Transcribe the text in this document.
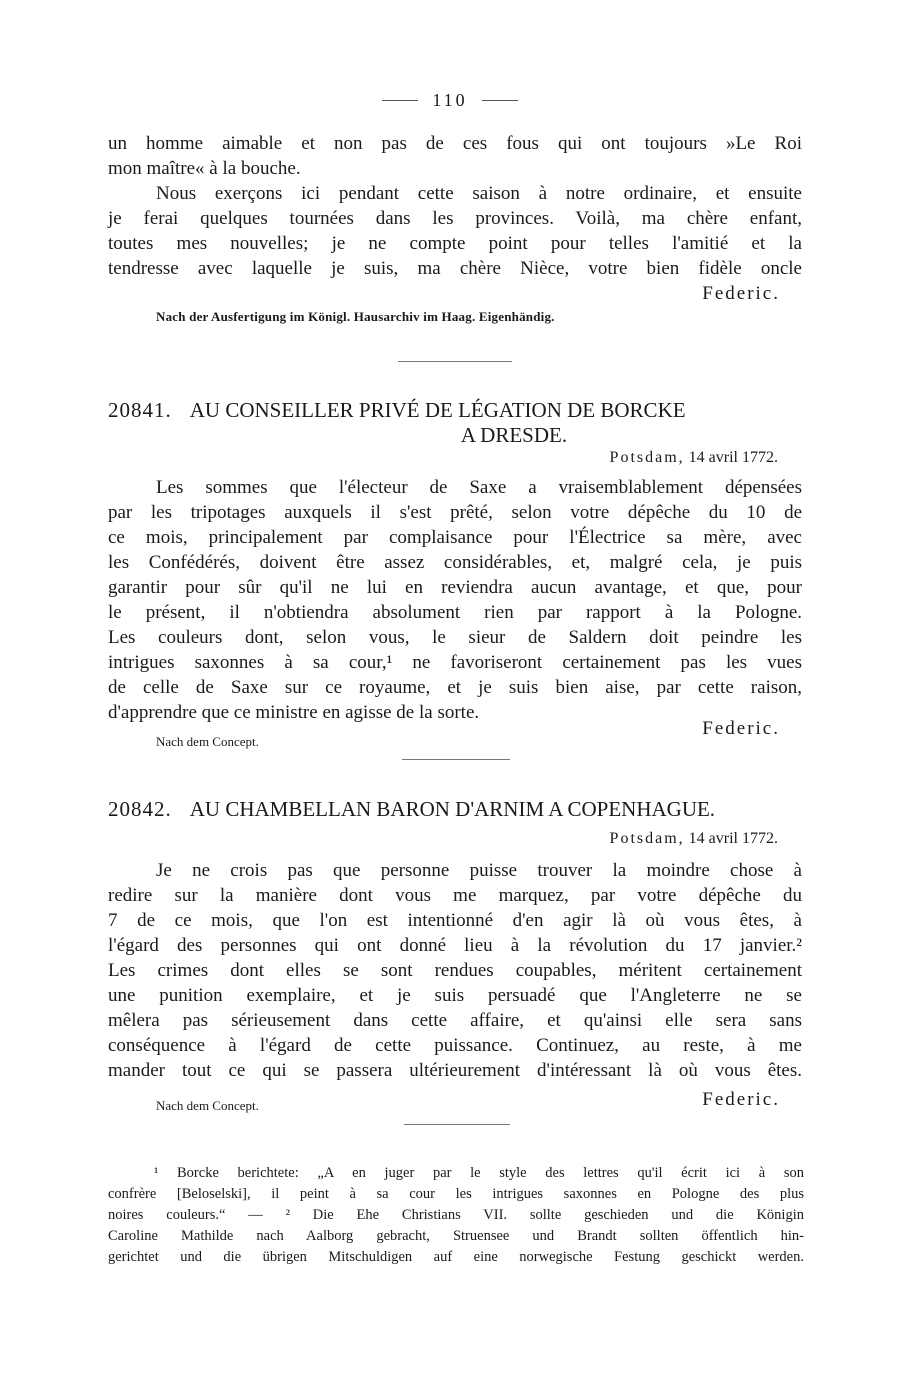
110
un homme aimable et non pas de ces fous qui ont toujours »Le Roi
mon maître« à la bouche.
Nous exerçons ici pendant cette saison à notre ordinaire, et ensuite
je ferai quelques tournées dans les provinces. Voilà, ma chère enfant,
toutes mes nouvelles; je ne compte point pour telles l'amitié et la
tendresse avec laquelle je suis, ma chère Nièce, votre bien fidèle oncle
Federic.
Nach der Ausfertigung im Königl. Hausarchiv im Haag. Eigenhändig.
20841. AU CONSEILLER PRIVÉ DE LÉGATION DE BORCKE
A DRESDE.
Potsdam, 14 avril 1772.
Les sommes que l'électeur de Saxe a vraisemblablement dépensées
par les tripotages auxquels il s'est prêté, selon votre dépêche du 10 de
ce mois, principalement par complaisance pour l'Électrice sa mère, avec
les Confédérés, doivent être assez considérables, et, malgré cela, je puis
garantir pour sûr qu'il ne lui en reviendra aucun avantage, et que, pour
le présent, il n'obtiendra absolument rien par rapport à la Pologne.
Les couleurs dont, selon vous, le sieur de Saldern doit peindre les
intrigues saxonnes à sa cour,¹ ne favoriseront certainement pas les vues
de celle de Saxe sur ce royaume, et je suis bien aise, par cette raison,
d'apprendre que ce ministre en agisse de la sorte.
Federic.
Nach dem Concept.
20842. AU CHAMBELLAN BARON D'ARNIM A COPENHAGUE.
Potsdam, 14 avril 1772.
Je ne crois pas que personne puisse trouver la moindre chose à
redire sur la manière dont vous me marquez, par votre dépêche du
7 de ce mois, que l'on est intentionné d'en agir là où vous êtes, à
l'égard des personnes qui ont donné lieu à la révolution du 17 janvier.²
Les crimes dont elles se sont rendues coupables, méritent certainement
une punition exemplaire, et je suis persuadé que l'Angleterre ne se
mêlera pas sérieusement dans cette affaire, et qu'ainsi elle sera sans
conséquence à l'égard de cette puissance. Continuez, au reste, à me
mander tout ce qui se passera ultérieurement d'intéressant là où vous êtes.
Nach dem Concept.	Federic.
¹ Borcke berichtete: „A en juger par le style des lettres qu'il écrit ici à son
confrère [Beloselski], il peint à sa cour les intrigues saxonnes en Pologne des plus
noires couleurs.“ — ² Die Ehe Christians VII. sollte geschieden und die Königin
Caroline Mathilde nach Aalborg gebracht, Struensee und Brandt sollten öffentlich hin-
gerichtet und die übrigen Mitschuldigen auf eine norwegische Festung geschickt werden.
